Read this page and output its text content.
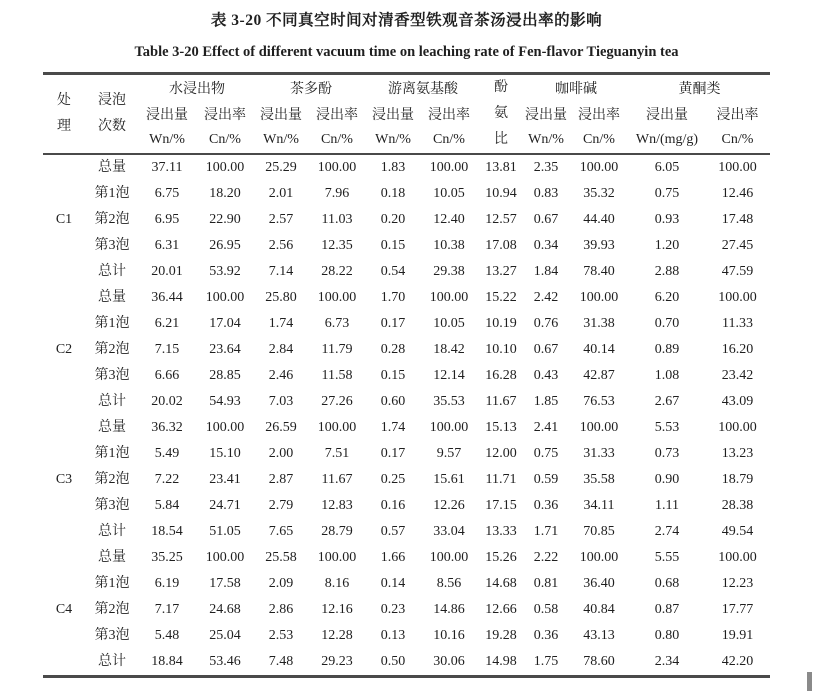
表 3-20 不同真空时间对清香型铁观音茶汤浸出率的影响

Table 3-20 Effect of different vacuum time on leaching rate of Fen-flavor Tieguanyin tea

处理	浸泡次数	水浸出物		茶多酚		游离氨基酸		酚氨比	咖啡碱		黄酮类	
		浸出量	浸出率	浸出量	浸出率	浸出量	浸出率		浸出量	浸出率	浸出量	浸出率
		Wn/%	Cn/%	Wn/%	Cn/%	Wn/%	Cn/%		Wn/%	Cn/%	Wn/(mg/g)	Cn/%
C1	总量	37.11	100.00	25.29	100.00	1.83	100.00	13.81	2.35	100.00	6.05	100.00
	第1泡	6.75	18.20	2.01	7.96	0.18	10.05	10.94	0.83	35.32	0.75	12.46
	第2泡	6.95	22.90	2.57	11.03	0.20	12.40	12.57	0.67	44.40	0.93	17.48
	第3泡	6.31	26.95	2.56	12.35	0.15	10.38	17.08	0.34	39.93	1.20	27.45
	总计	20.01	53.92	7.14	28.22	0.54	29.38	13.27	1.84	78.40	2.88	47.59
C2	总量	36.44	100.00	25.80	100.00	1.70	100.00	15.22	2.42	100.00	6.20	100.00
	第1泡	6.21	17.04	1.74	6.73	0.17	10.05	10.19	0.76	31.38	0.70	11.33
	第2泡	7.15	23.64	2.84	11.79	0.28	18.42	10.10	0.67	40.14	0.89	16.20
	第3泡	6.66	28.85	2.46	11.58	0.15	12.14	16.28	0.43	42.87	1.08	23.42
	总计	20.02	54.93	7.03	27.26	0.60	35.53	11.67	1.85	76.53	2.67	43.09
C3	总量	36.32	100.00	26.59	100.00	1.74	100.00	15.13	2.41	100.00	5.53	100.00
	第1泡	5.49	15.10	2.00	7.51	0.17	9.57	12.00	0.75	31.33	0.73	13.23
	第2泡	7.22	23.41	2.87	11.67	0.25	15.61	11.71	0.59	35.58	0.90	18.79
	第3泡	5.84	24.71	2.79	12.83	0.16	12.26	17.15	0.36	34.11	1.11	28.38
	总计	18.54	51.05	7.65	28.79	0.57	33.04	13.33	1.71	70.85	2.74	49.54
C4	总量	35.25	100.00	25.58	100.00	1.66	100.00	15.26	2.22	100.00	5.55	100.00
	第1泡	6.19	17.58	2.09	8.16	0.14	8.56	14.68	0.81	36.40	0.68	12.23
	第2泡	7.17	24.68	2.86	12.16	0.23	14.86	12.66	0.58	40.84	0.87	17.77
	第3泡	5.48	25.04	2.53	12.28	0.13	10.16	19.28	0.36	43.13	0.80	19.91
	总计	18.84	53.46	7.48	29.23	0.50	30.06	14.98	1.75	78.60	2.34	42.20
